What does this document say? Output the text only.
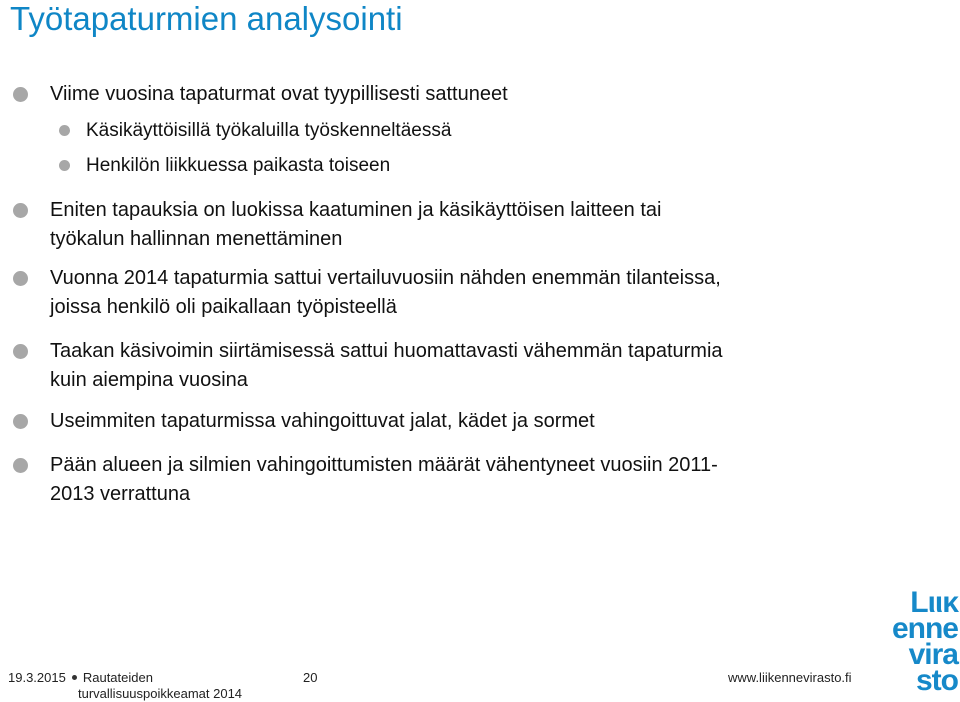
Työtapaturmien analysointi
Viime vuosina tapaturmat ovat tyypillisesti sattuneet
Käsikäyttöisillä työkaluilla työskenneltäessä
Henkilön liikkuessa paikasta toiseen
Eniten tapauksia on luokissa kaatuminen ja käsikäyttöisen laitteen tai
työkalun hallinnan menettäminen
Vuonna 2014 tapaturmia sattui vertailuvuosiin nähden enemmän tilanteissa,
joissa henkilö oli paikallaan työpisteellä
Taakan käsivoimin siirtämisessä sattui huomattavasti vähemmän tapaturmia
kuin aiempina vuosina
Useimmiten tapaturmissa vahingoittuvat jalat, kädet ja sormet
Pään alueen ja silmien vahingoittumisten määrät vähentyneet vuosiin 2011-
2013 verrattuna
19.3.2015 Rautateiden
turvallisuuspoikkeamat 2014
20	www.liikennevirasto.fi
Lιικ
enne
vira
sto
